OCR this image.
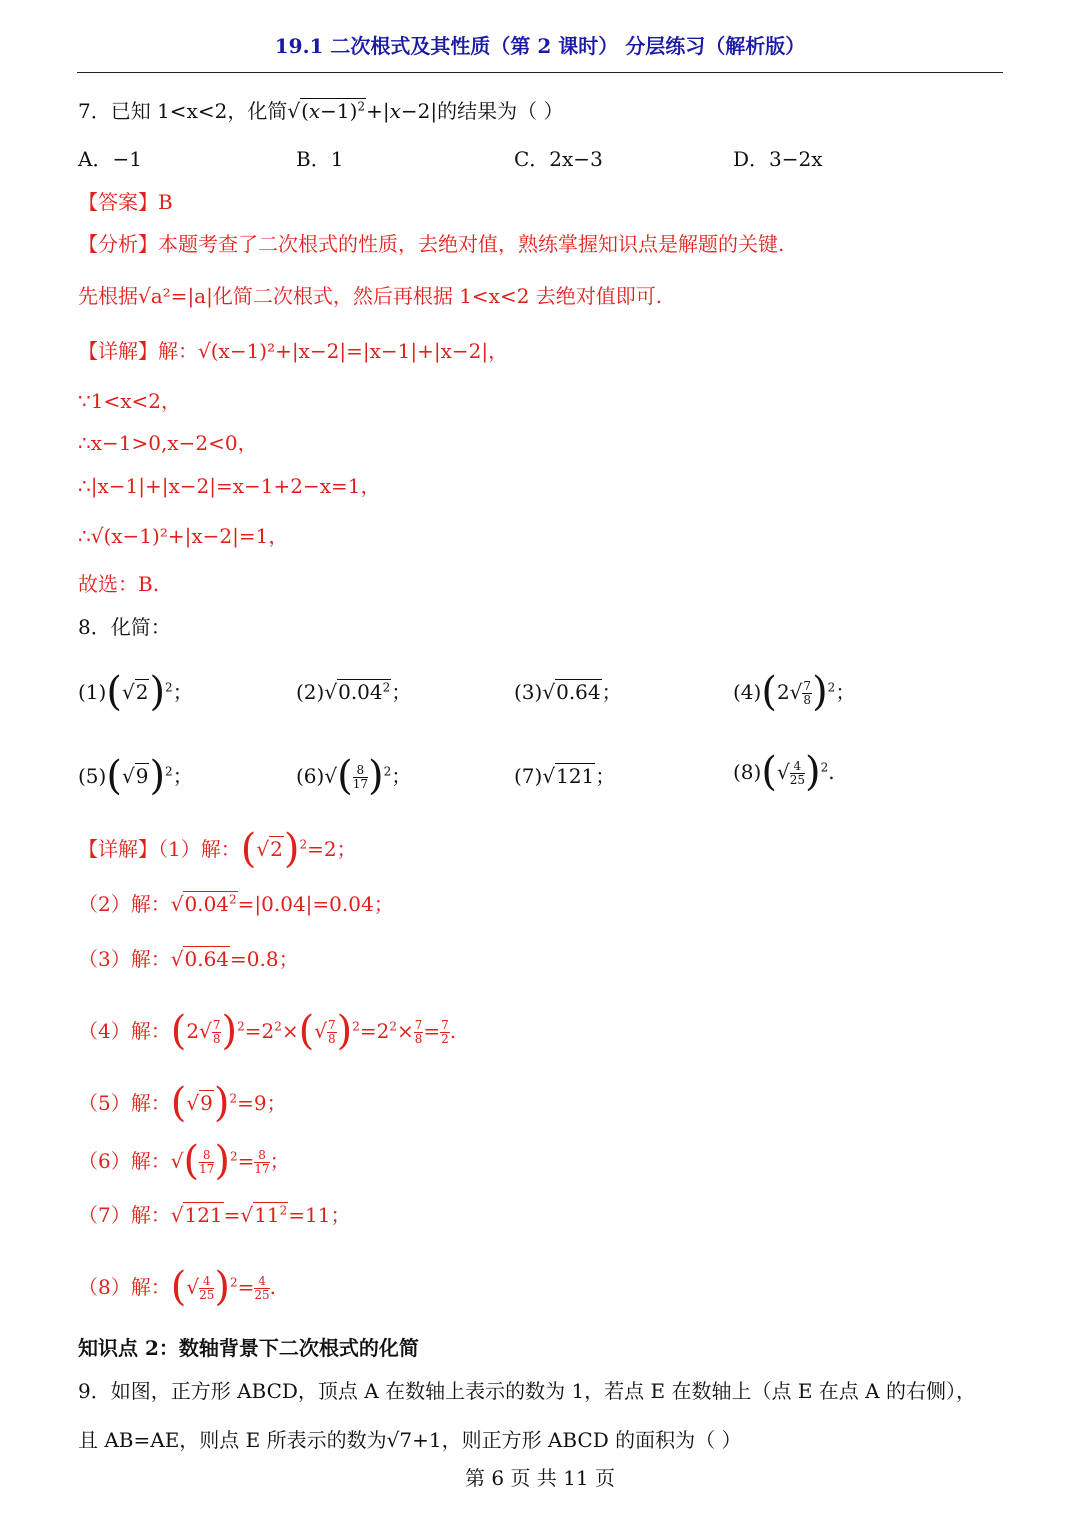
19.1 二次根式及其性质（第 2 课时） 分层练习（解析版）
7．已知 1<x<2，化简$√(x-1)^2+|x-2|$的结果为（ ）
A．−1	B．1	C．2x−3	D．3−2x
【答案】B
【分析】本题考查了二次根式的性质，去绝对值，熟练掌握知识点是解题的关键.
先根据√a²=|a|化简二次根式，然后再根据 1<x<2 去绝对值即可.
【详解】解：√(x−1)²+|x−2|=|x−1|+|x−2|，
∵1<x<2，
∴x−1>0,x−2<0，
∴|x−1|+|x−2|=x−1+2−x=1，
∴√(x−1)²+|x−2|=1，
故选：B.
8．化简：
$(1)(√2)^2$；	(2)√0.04$^2$；	(3)√0.64；	$(4)(2√ \frac{7}{8} )^2$；
$(5)(√9)^2$；	$(6)√( \frac{8}{17} )^2$；	(7)√121；	$(8)(√ \frac{4}{25} )^2$.
【详解】（1）解：$(√2)^2=2$；
（2）解：$√0.04^2=|0.04|=0.04$；
（3）解：√0.64=0.8；
（4）解：$(2√ \frac{7}{8} )^2=2^2\times(√ \frac{7}{8} )^2=2^2\times \frac{7}{8} = \frac{7}{2}$ .
（5）解：$(√9)^2=9$；
（6）解：√( $\frac{8}{17} )^2= \frac{8}{17}$ ；
（7）解：$√121=√11^2=11$；
（8）解：(√ $\frac{4}{25} )^2= \frac{4}{25}$ .
知识点 2：数轴背景下二次根式的化简
9．如图，正方形 ABCD，顶点 A 在数轴上表示的数为 1，若点 E 在数轴上（点 E 在点 A 的右侧），
且 AB=AE，则点 E 所表示的数为√7+1，则正方形 ABCD 的面积为（ ）
第 6 页 共 11 页
